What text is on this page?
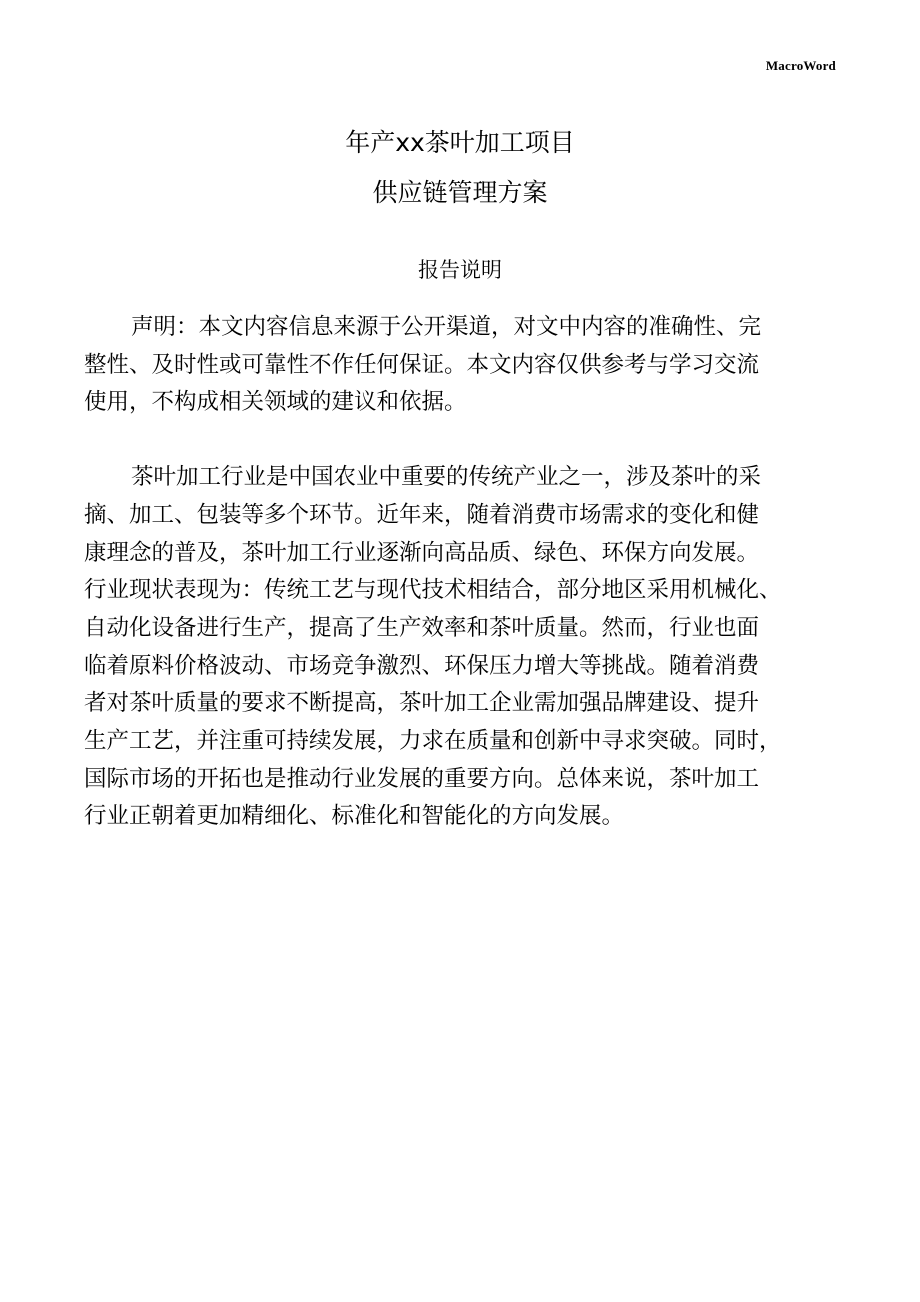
MacroWord
年产xx茶叶加工项目
供应链管理方案
报告说明

声明：本文内容信息来源于公开渠道，对文中内容的准确性、完
整性、及时性或可靠性不作任何保证。本文内容仅供参考与学习交流
使用，不构成相关领域的建议和依据。

茶叶加工行业是中国农业中重要的传统产业之一，涉及茶叶的采
摘、加工、包装等多个环节。近年来，随着消费市场需求的变化和健
康理念的普及，茶叶加工行业逐渐向高品质、绿色、环保方向发展。
行业现状表现为：传统工艺与现代技术相结合，部分地区采用机械化、
自动化设备进行生产，提高了生产效率和茶叶质量。然而，行业也面
临着原料价格波动、市场竞争激烈、环保压力增大等挑战。随着消费
者对茶叶质量的要求不断提高，茶叶加工企业需加强品牌建设、提升
生产工艺，并注重可持续发展，力求在质量和创新中寻求突破。同时，
国际市场的开拓也是推动行业发展的重要方向。总体来说，茶叶加工
行业正朝着更加精细化、标准化和智能化的方向发展。
